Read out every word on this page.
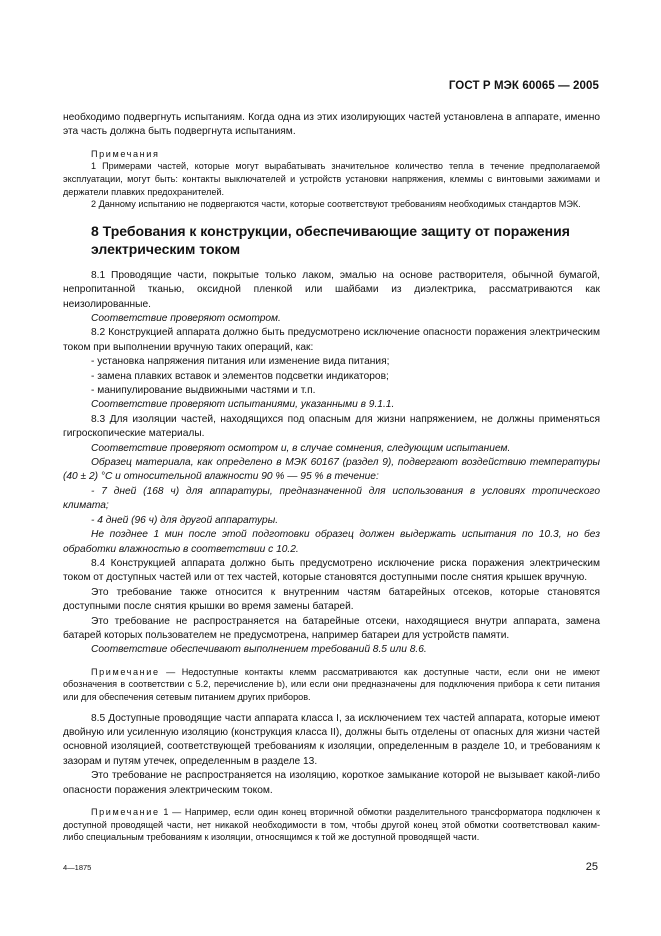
ГОСТ Р МЭК 60065 — 2005

необходимо подвергнуть испытаниям. Когда одна из этих изолирующих частей установлена в аппарате, именно эта часть должна быть подвергнута испытаниям.

Примечания

1 Примерами частей, которые могут вырабатывать значительное количество тепла в течение предполагаемой эксплуатации, могут быть: контакты выключателей и устройств установки напряжения, клеммы с винтовыми зажимами и держатели плавких предохранителей.

2 Данному испытанию не подвергаются части, которые соответствуют требованиям необходимых стандартов МЭК.

8 Требования к конструкции, обеспечивающие защиту от поражения электрическим током

8.1 Проводящие части, покрытые только лаком, эмалью на основе растворителя, обычной бумагой, непропитанной тканью, оксидной пленкой или шайбами из диэлектрика, рассматриваются как неизолированные.

Соответствие проверяют осмотром.

8.2 Конструкцией аппарата должно быть предусмотрено исключение опасности поражения электрическим током при выполнении вручную таких операций, как:

- установка напряжения питания или изменение вида питания;

- замена плавких вставок и элементов подсветки индикаторов;

- манипулирование выдвижными частями и т.п.

Соответствие проверяют испытаниями, указанными в 9.1.1.

8.3 Для изоляции частей, находящихся под опасным для жизни напряжением, не должны применяться гигроскопические материалы.

Соответствие проверяют осмотром и, в случае сомнения, следующим испытанием.

Образец материала, как определено в МЭК 60167 (раздел 9), подвергают воздействию температуры (40 ± 2) °С и относительной влажности 90 % — 95 % в течение:

- 7 дней (168 ч) для аппаратуры, предназначенной для использования в условиях тропического климата;

- 4 дней (96 ч) для другой аппаратуры.

Не позднее 1 мин после этой подготовки образец должен выдержать испытания по 10.3, но без обработки влажностью в соответствии с 10.2.

8.4 Конструкцией аппарата должно быть предусмотрено исключение риска поражения электрическим током от доступных частей или от тех частей, которые становятся доступными после снятия крышек вручную.

Это требование также относится к внутренним частям батарейных отсеков, которые становятся доступными после снятия крышки во время замены батарей.

Это требование не распространяется на батарейные отсеки, находящиеся внутри аппарата, замена батарей которых пользователем не предусмотрена, например батареи для устройств памяти.

Соответствие обеспечивают выполнением требований 8.5 или 8.6.

Примечание — Недоступные контакты клемм рассматриваются как доступные части, если они не имеют обозначения в соответствии с 5.2, перечисление b), или если они предназначены для подключения прибора к сети питания или для обеспечения сетевым питанием других приборов.

8.5 Доступные проводящие части аппарата класса I, за исключением тех частей аппарата, которые имеют двойную или усиленную изоляцию (конструкция класса II), должны быть отделены от опасных для жизни частей основной изоляцией, соответствующей требованиям к изоляции, определенным в разделе 10, и требованиям к зазорам и путям утечек, определенным в разделе 13.

Это требование не распространяется на изоляцию, короткое замыкание которой не вызывает какой-либо опасности поражения электрическим током.

Примечание 1 — Например, если один конец вторичной обмотки разделительного трансформатора подключен к доступной проводящей части, нет никакой необходимости в том, чтобы другой конец этой обмотки соответствовал каким-либо специальным требованиям к изоляции, относящимся к той же доступной проводящей части.

4—1875	25
